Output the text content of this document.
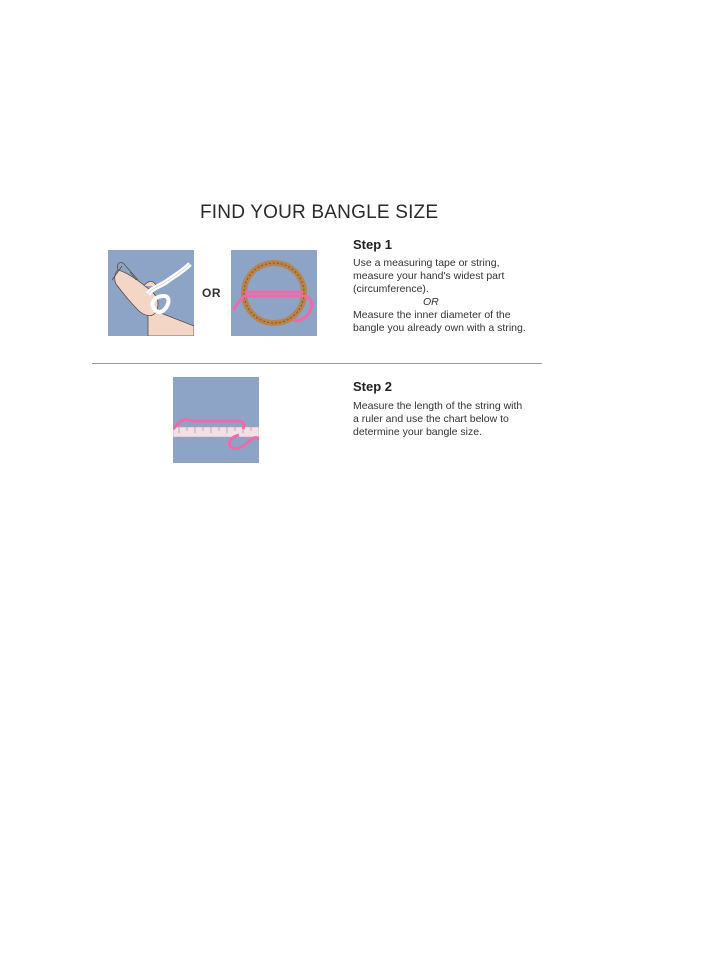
FIND YOUR BANGLE SIZE
OR
Step 1
Use a measuring tape or string, measure your hand's widest part (circumference).
OR
Measure the inner diameter of the bangle you already own with a string.
Step 2
Measure the length of the string with a ruler and use the chart below to determine your bangle size.
